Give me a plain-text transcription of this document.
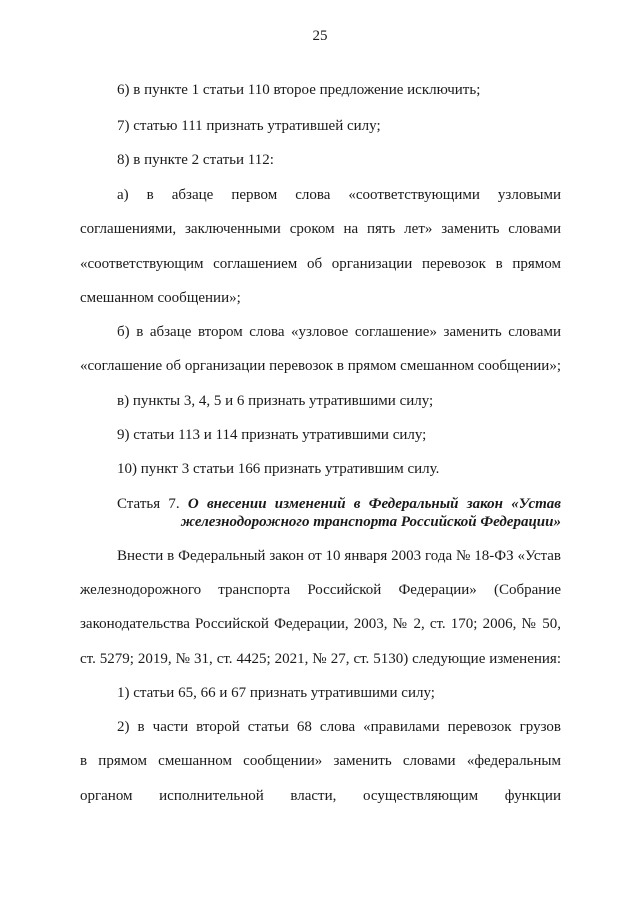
25
6) в пункте 1 статьи 110 второе предложение исключить;
7) статью 111 признать утратившей силу;
8) в пункте 2 статьи 112:
а) в абзаце первом слова «соответствующими узловыми
соглашениями, заключенными сроком на пять лет» заменить словами
«соответствующим соглашением об организации перевозок в прямом
смешанном сообщении»;
б) в абзаце втором слова «узловое соглашение» заменить словами
«соглашение об организации перевозок в прямом смешанном сообщении»;
в) пункты 3, 4, 5 и 6 признать утратившими силу;
9) статьи 113 и 114 признать утратившими силу;
10) пункт 3 статьи 166 признать утратившим силу.
Статья 7. О внесении изменений в Федеральный закон «Устав
железнодорожного транспорта Российской Федерации»
Внести в Федеральный закон от 10 января 2003 года № 18-ФЗ «Устав
железнодорожного транспорта Российской Федерации» (Собрание
законодательства Российской Федерации, 2003, № 2, ст. 170; 2006, № 50,
ст. 5279; 2019, № 31, ст. 4425; 2021, № 27, ст. 5130) следующие изменения:
1) статьи 65, 66 и 67 признать утратившими силу;
2) в части второй статьи 68 слова «правилами перевозок грузов
в прямом смешанном сообщении» заменить словами «федеральным
органом исполнительной власти, осуществляющим функции
